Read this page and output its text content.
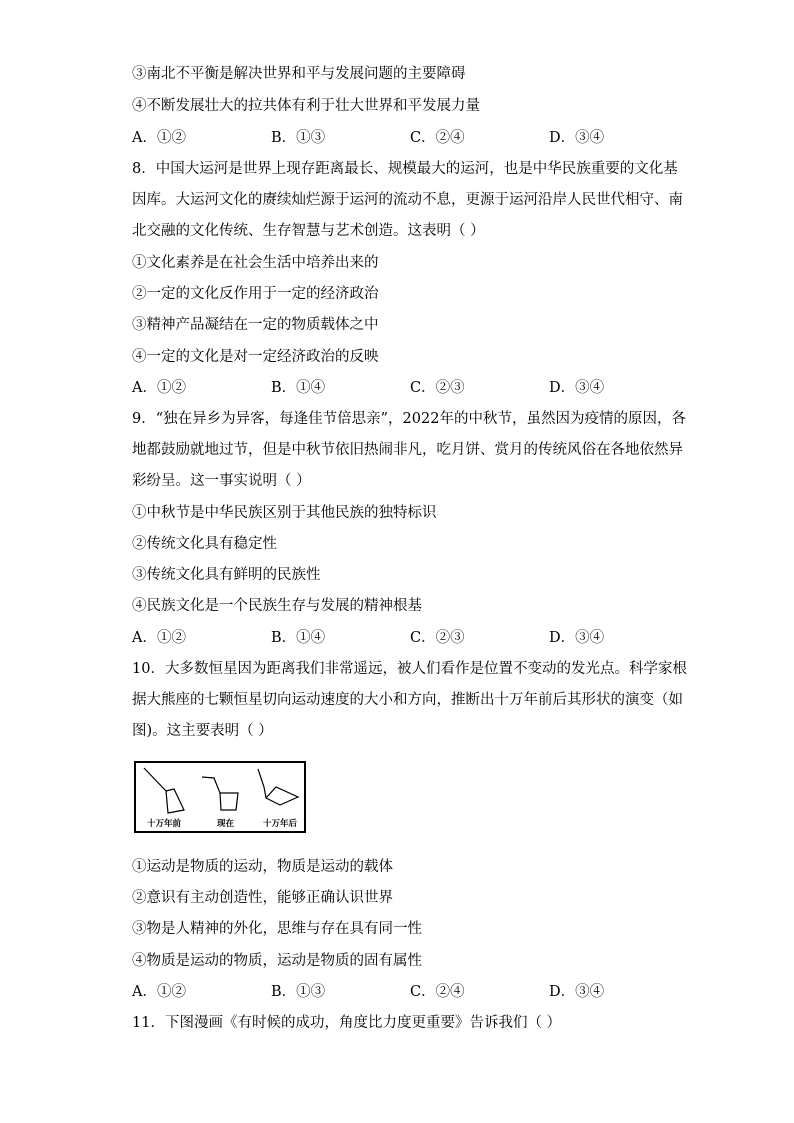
③南北不平衡是解决世界和平与发展问题的主要障碍
④不断发展壮大的拉共体有利于壮大世界和平发展力量
A．①②	B．①③	C．②④	D．③④
8．中国大运河是世界上现存距离最长、规模最大的运河，也是中华民族重要的文化基
因库。大运河文化的赓续灿烂源于运河的流动不息，更源于运河沿岸人民世代相守、南
北交融的文化传统、生存智慧与艺术创造。这表明（ ）
①文化素养是在社会生活中培养出来的
②一定的文化反作用于一定的经济政治
③精神产品凝结在一定的物质载体之中
④一定的文化是对一定经济政治的反映
A．①②	B．①④	C．②③	D．③④
9．“独在异乡为异客，每逢佳节倍思亲”，2022年的中秋节，虽然因为疫情的原因，各
地都鼓励就地过节，但是中秋节依旧热闹非凡，吃月饼、赏月的传统风俗在各地依然异
彩纷呈。这一事实说明（ ）
①中秋节是中华民族区别于其他民族的独特标识
②传统文化具有稳定性
③传统文化具有鲜明的民族性
④民族文化是一个民族生存与发展的精神根基
A．①②	B．①④	C．②③	D．③④
10．大多数恒星因为距离我们非常遥远，被人们看作是位置不变动的发光点。科学家根
据大熊座的七颗恒星切向运动速度的大小和方向，推断出十万年前后其形状的演变（如
图)。这主要表明（ ）
十万年前	现在	十万年后
①运动是物质的运动，物质是运动的载体
②意识有主动创造性，能够正确认识世界
③物是人精神的外化，思维与存在具有同一性
④物质是运动的物质，运动是物质的固有属性
A．①②	B．①③	C．②④	D．③④
11．下图漫画《有时候的成功，角度比力度更重要》告诉我们（ ）
